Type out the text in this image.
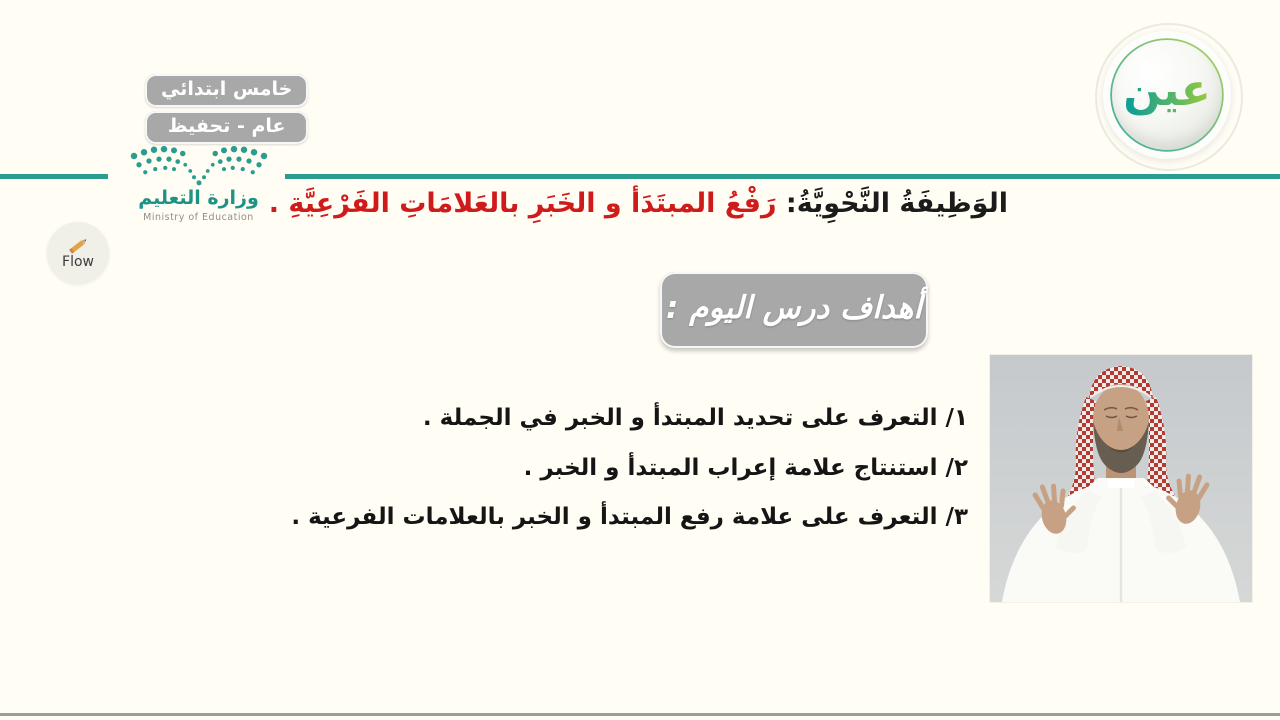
خامس ابتدائي
عام - تحفيظ
وزارة التعليم
Ministry of Education
Flow
عين
الوَظِيفَةُ النَّحْوِيَّةُ: رَفْعُ المبتَدَأ و الخَبَرِ بالعَلامَاتِ الفَرْعِيَّةِ .
أهداف درس اليوم :
١/ التعرف على تحديد المبتدأ و الخبر في الجملة .
٢/ استنتاج علامة إعراب المبتدأ و الخبر .
٣/ التعرف على علامة رفع المبتدأ و الخبر بالعلامات الفرعية .
